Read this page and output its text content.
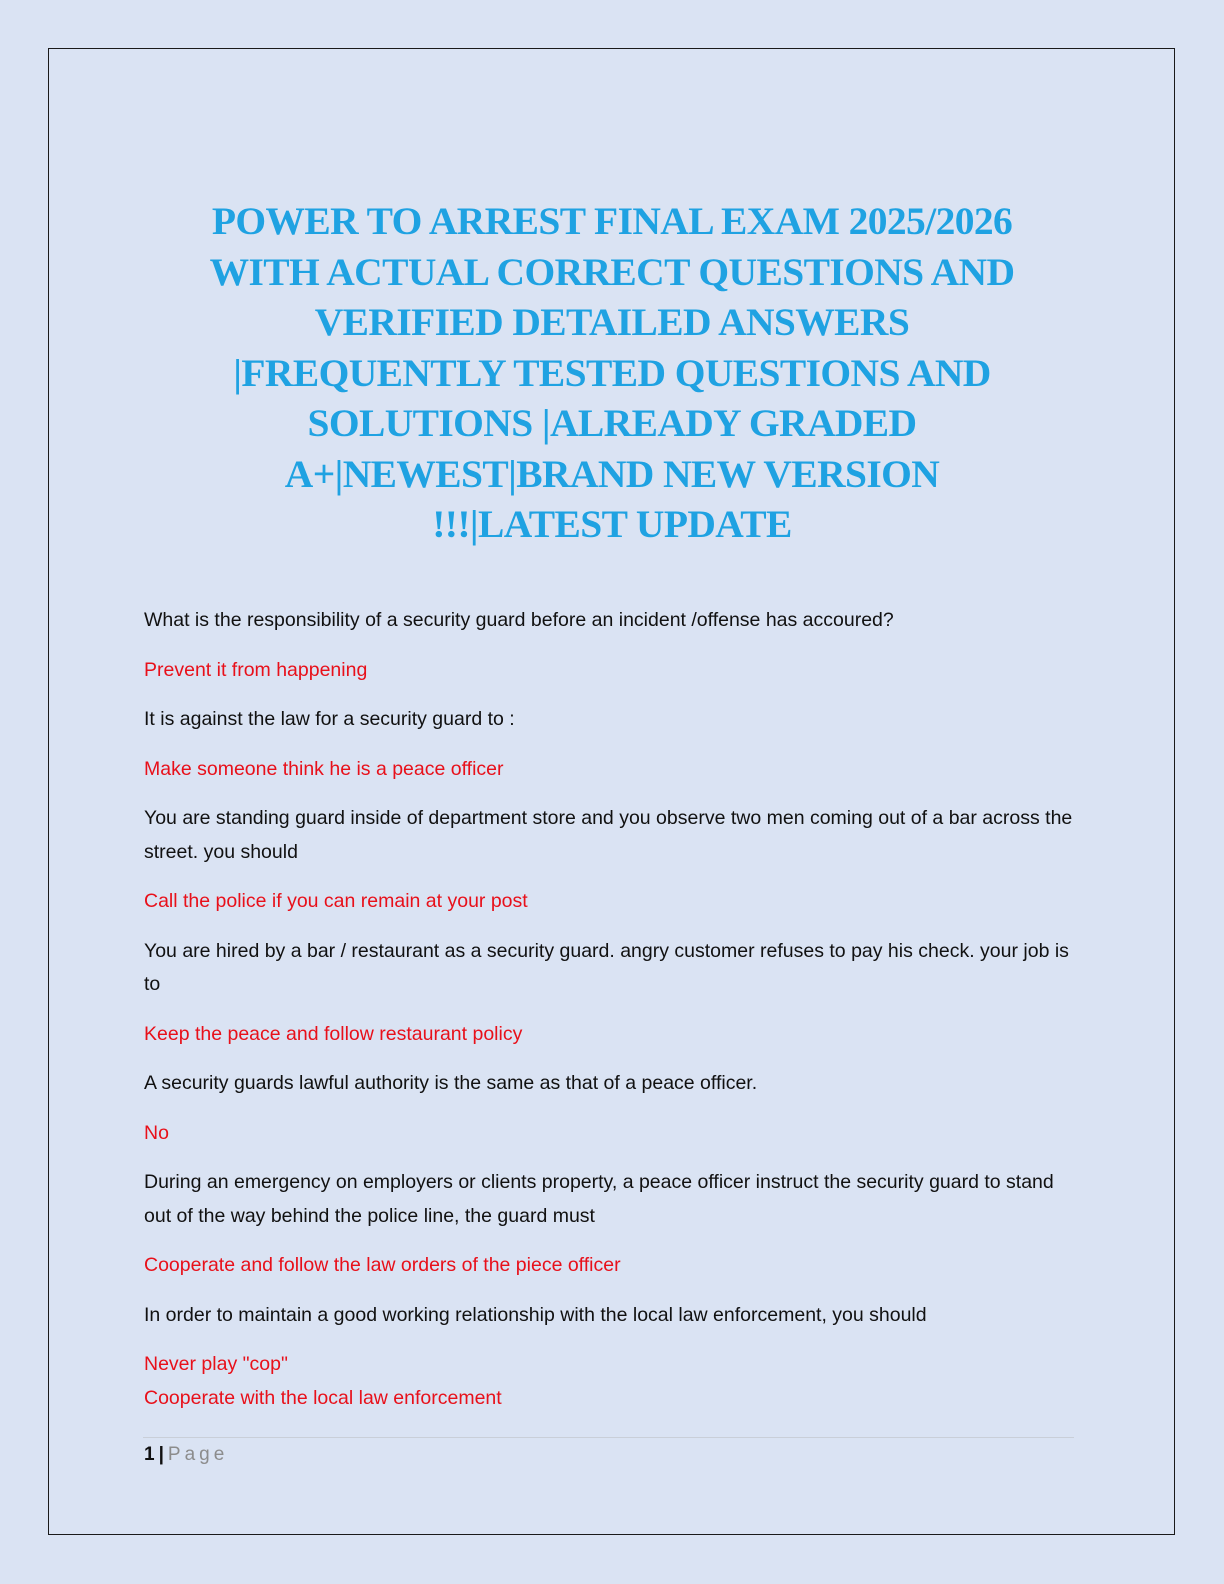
POWER TO ARREST FINAL EXAM 2025/2026
WITH ACTUAL CORRECT QUESTIONS AND
VERIFIED DETAILED ANSWERS
|FREQUENTLY TESTED QUESTIONS AND
SOLUTIONS |ALREADY GRADED
A+|NEWEST|BRAND NEW VERSION
!!!|LATEST UPDATE

What is the responsibility of a security guard before an incident /offense has accoured?

Prevent it from happening

It is against the law for a security guard to :

Make someone think he is a peace officer

You are standing guard inside of department store and you observe two men coming out of a bar across the street. you should

Call the police if you can remain at your post

You are hired by a bar / restaurant as a security guard. angry customer refuses to pay his check. your job is to

Keep the peace and follow restaurant policy

A security guards lawful authority is the same as that of a peace officer.

No

During an emergency on employers or clients property, a peace officer instruct the security guard to stand out of the way behind the police line, the guard must

Cooperate and follow the law orders of the piece officer

In order to maintain a good working relationship with the local law enforcement, you should

Never play "cop"
Cooperate with the local law enforcement

1 | Page
